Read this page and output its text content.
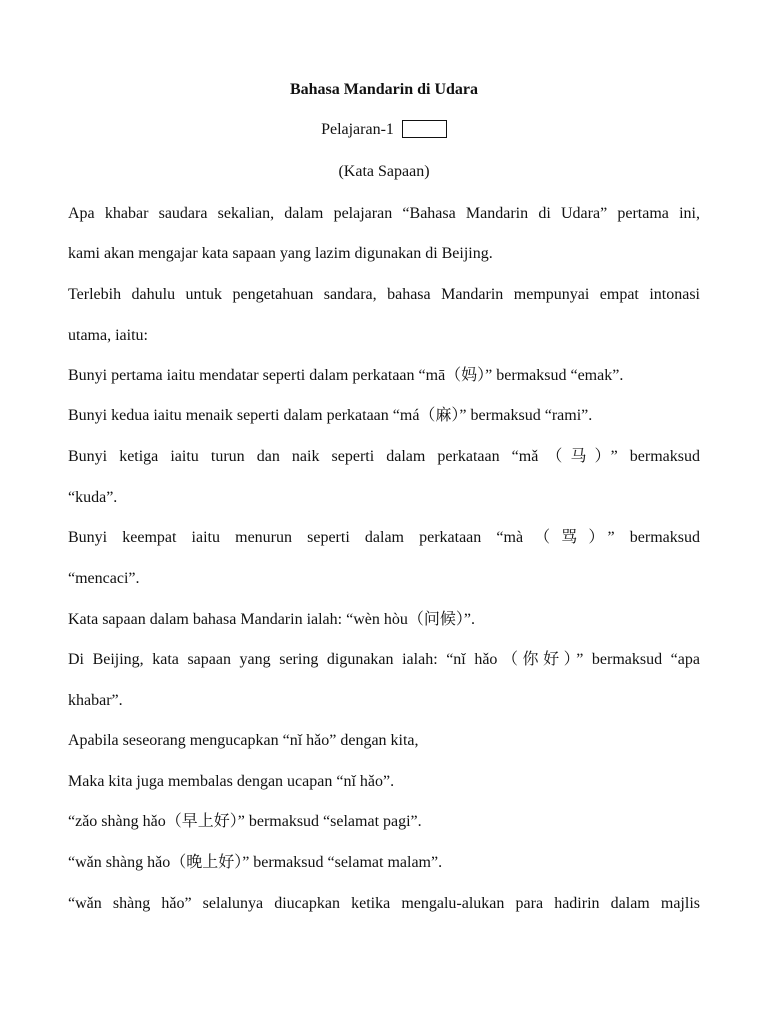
Bahasa Mandarin di Udara
Pelajaran-1
(Kata Sapaan)
Apa khabar saudara sekalian, dalam pelajaran “Bahasa Mandarin di Udara” pertama ini,
kami akan mengajar kata sapaan yang lazim digunakan di Beijing.
Terlebih dahulu untuk pengetahuan sandara, bahasa Mandarin mempunyai empat intonasi
utama, iaitu:
Bunyi pertama iaitu mendatar seperti dalam perkataan “mā（妈）” bermaksud “emak”.
Bunyi kedua iaitu menaik seperti dalam perkataan “má（麻）” bermaksud “rami”.
Bunyi ketiga iaitu turun dan naik seperti dalam perkataan “mǎ（马）” bermaksud
“kuda”.
Bunyi keempat iaitu menurun seperti dalam perkataan “mà（骂）” bermaksud
“mencaci”.
Kata sapaan dalam bahasa Mandarin ialah: “wèn hòu（问候）”.
Di Beijing, kata sapaan yang sering digunakan ialah: “nǐ hǎo（你好）” bermaksud “apa
khabar”.
Apabila seseorang mengucapkan “nǐ hǎo” dengan kita,
Maka kita juga membalas dengan ucapan “nǐ hǎo”.
“zǎo shàng hǎo（早上好）” bermaksud “selamat pagi”.
“wǎn shàng hǎo（晚上好）” bermaksud “selamat malam”.
“wǎn shàng hǎo” selalunya diucapkan ketika mengalu-alukan para hadirin dalam majlis
